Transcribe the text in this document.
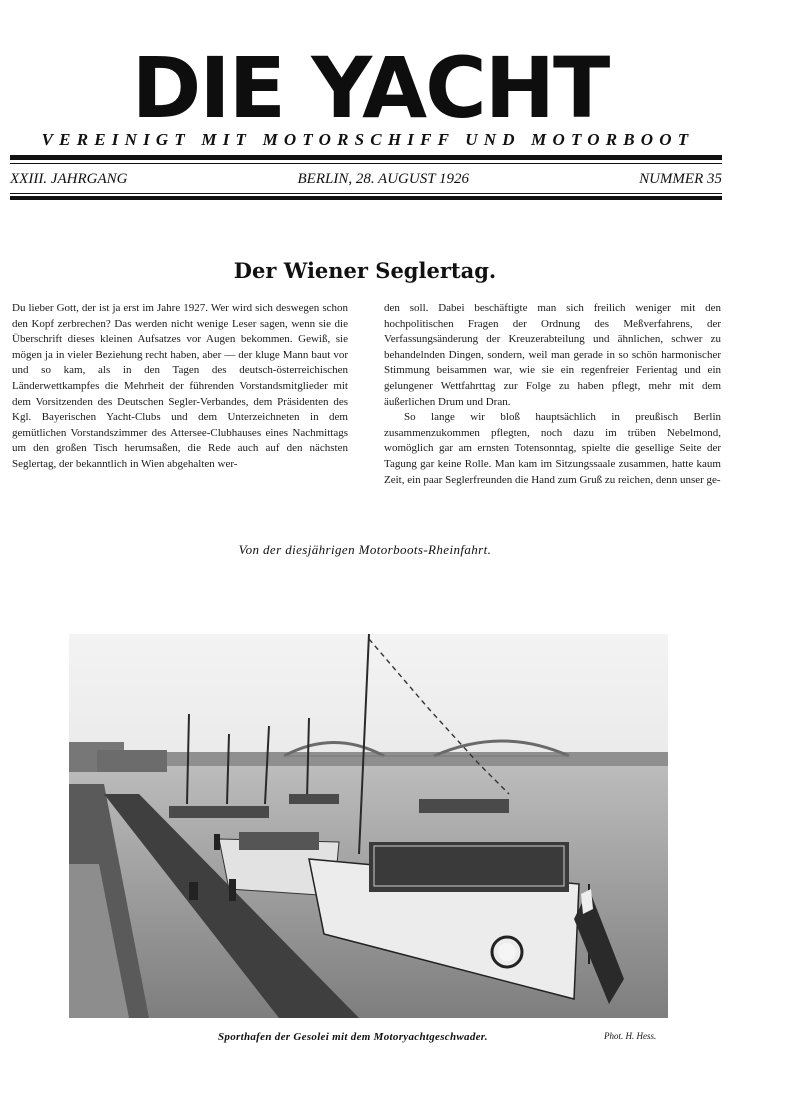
DIE YACHT
VEREINIGT MIT MOTORSCHIFF UND MOTORBOOT
XXIII. JAHRGANG	BERLIN, 28. AUGUST 1926	NUMMER 35
Der Wiener Seglertag.

Du lieber Gott, der ist ja erst im Jahre 1927. Wer wird sich deswegen schon den Kopf zerbrechen? Das werden nicht wenige Leser sagen, wenn sie die Überschrift dieses kleinen Aufsatzes vor Augen bekommen. Gewiß, sie mögen ja in vieler Beziehung recht haben, aber — der kluge Mann baut vor und so kam, als in den Tagen des deutsch-österreichischen Länderwettkampfes die Mehrheit der führenden Vorstandsmitglieder mit dem Vorsitzenden des Deutschen Segler-Verbandes, dem Präsidenten des Kgl. Bayerischen Yacht-Clubs und dem Unterzeichneten in dem gemütlichen Vorstandszimmer des Attersee-Clubhauses eines Nachmittags um den großen Tisch herumsaßen, die Rede auch auf den nächsten Seglertag, der bekanntlich in Wien abgehalten wer-

den soll. Dabei beschäftigte man sich freilich weniger mit den hochpolitischen Fragen der Ordnung des Meßverfahrens, der Verfassungsänderung der Kreuzerabteilung und ähnlichen, schwer zu behandelnden Dingen, sondern, weil man gerade in so schön harmonischer Stimmung beisammen war, wie sie ein regenfreier Ferientag und ein gelungener Wettfahrttag zur Folge zu haben pflegt, mehr mit dem äußerlichen Drum und Dran.

So lange wir bloß hauptsächlich in preußisch Berlin zusammenzukommen pflegten, noch dazu im trüben Nebelmond, womöglich gar am ernsten Totensonntag, spielte die gesellige Seite der Tagung gar keine Rolle. Man kam im Sitzungssaale zusammen, hatte kaum Zeit, ein paar Seglerfreunden die Hand zum Gruß zu reichen, denn unser ge-

Von der diesjährigen Motorboots-Rheinfahrt.
Sporthafen der Gesolei mit dem Motoryachtgeschwader.	Phot. H. Hess.
